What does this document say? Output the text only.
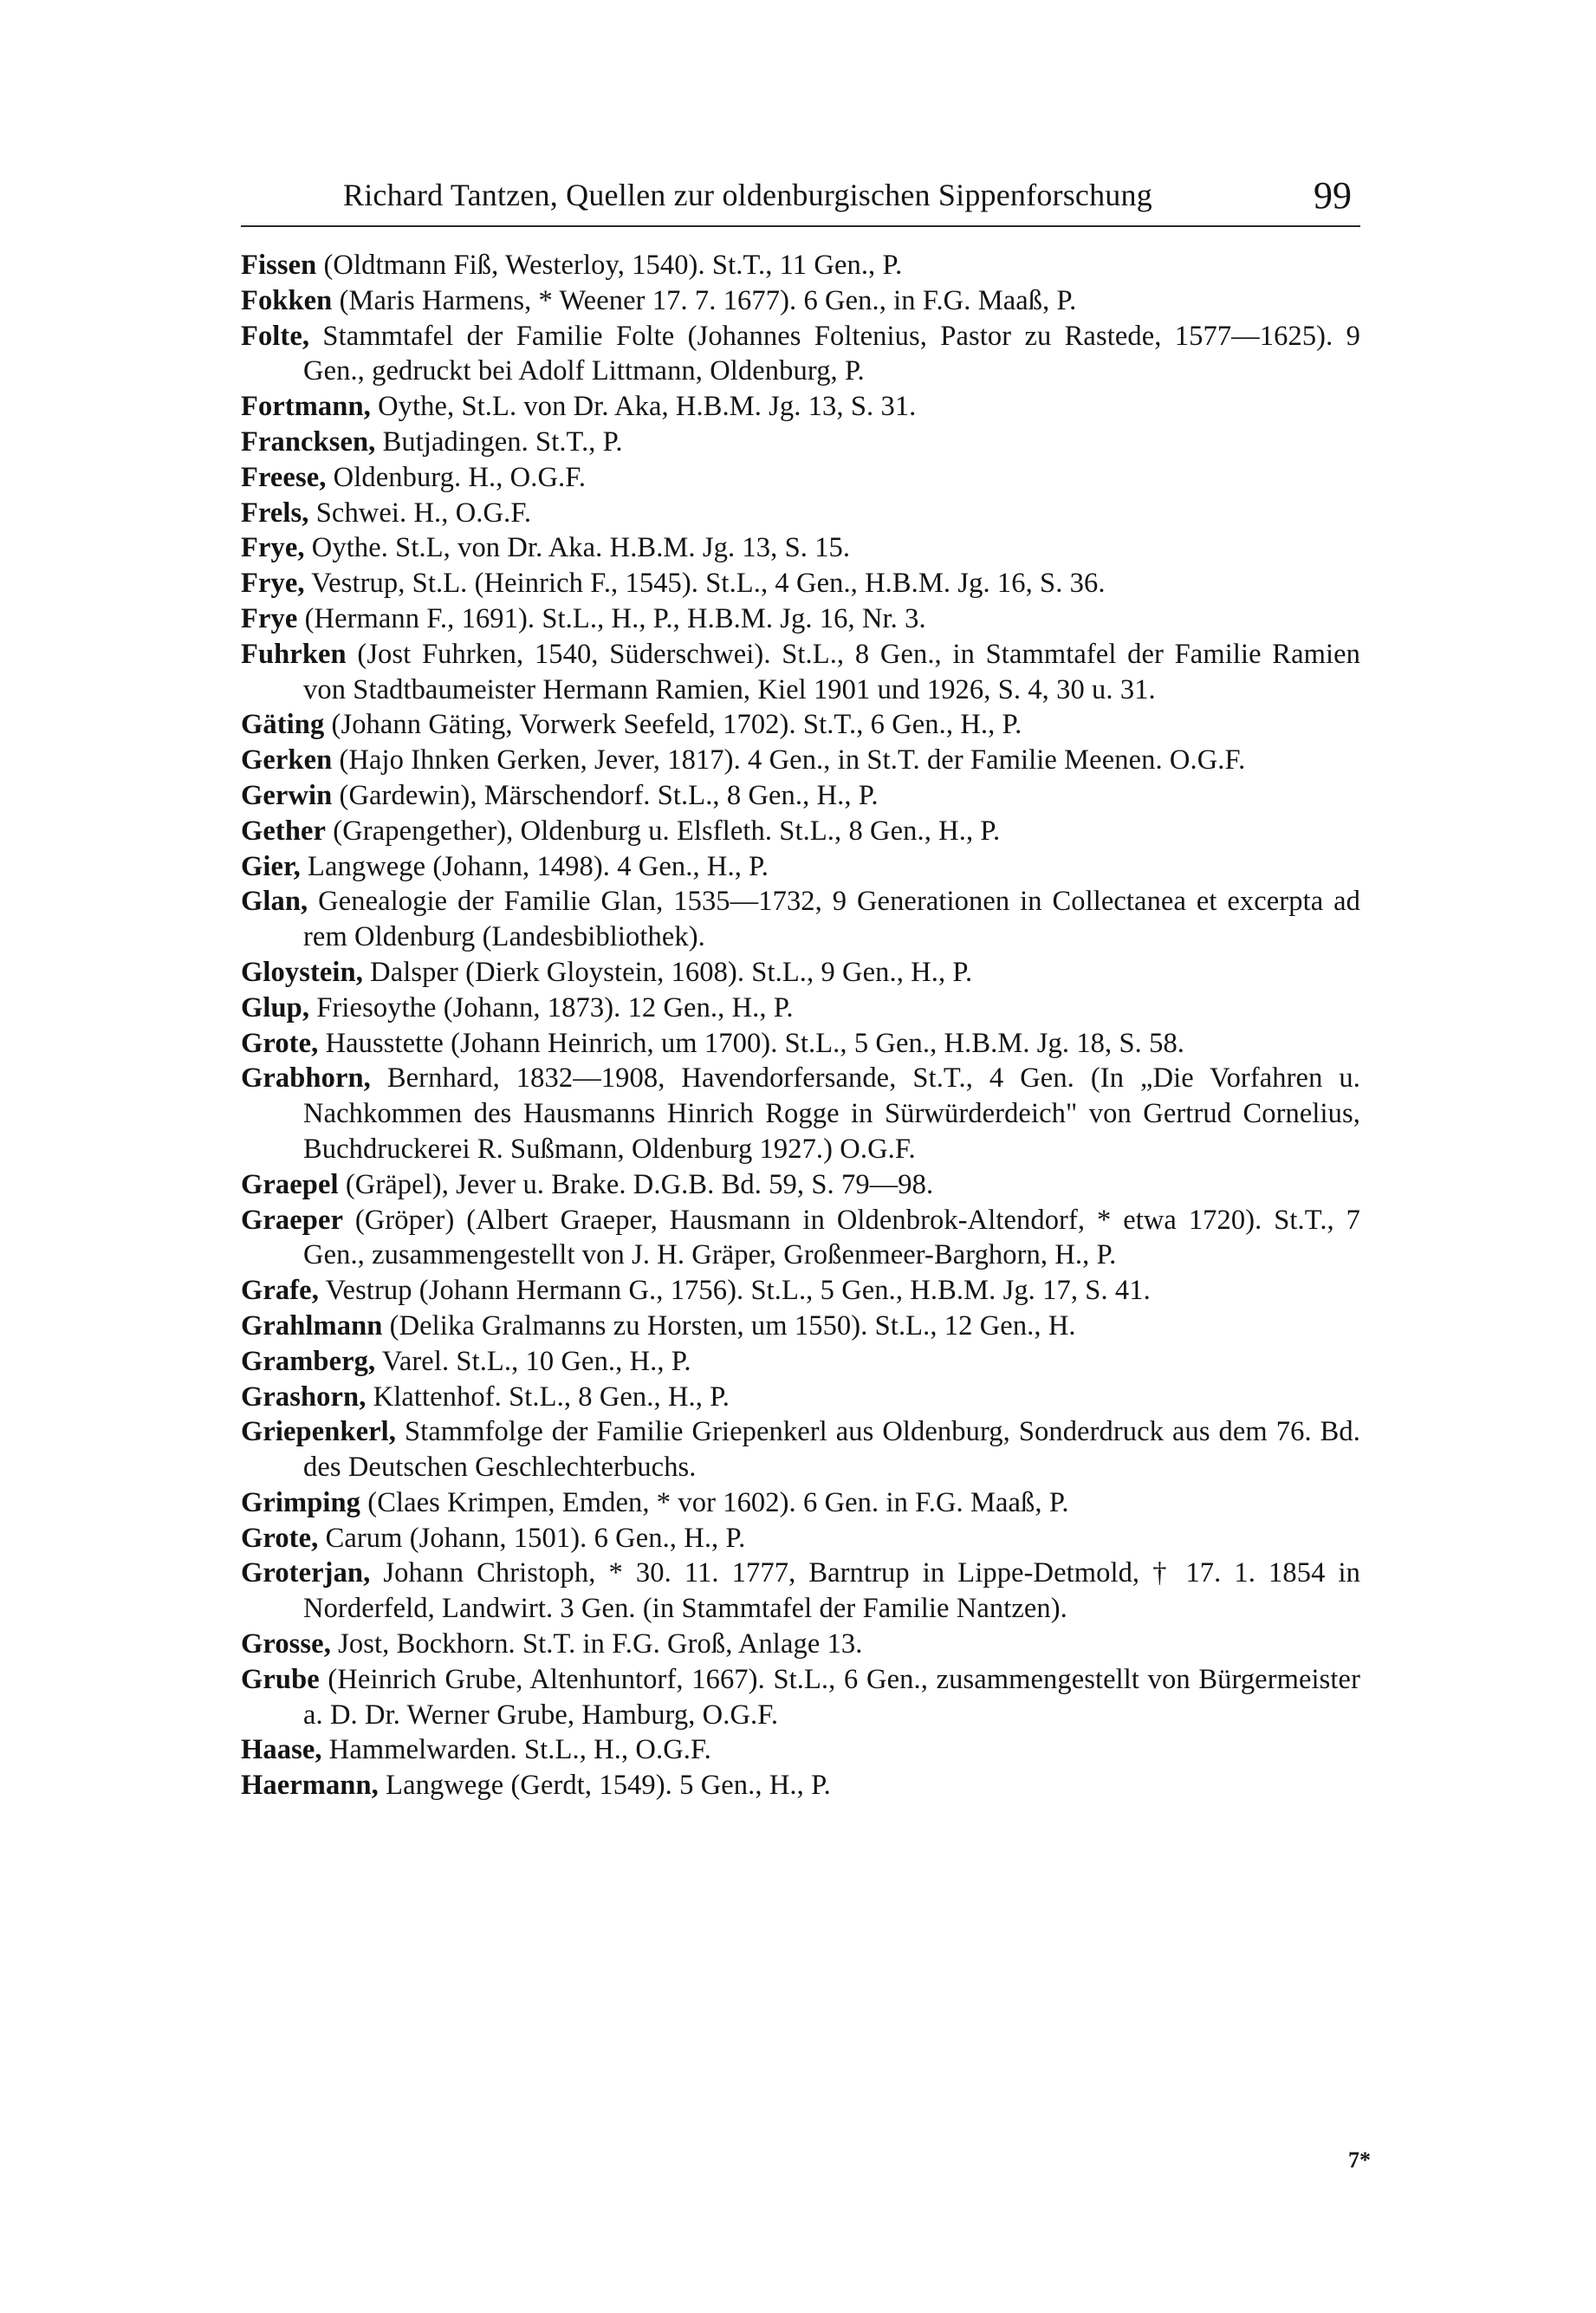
Richard Tantzen, Quellen zur oldenburgischen Sippenforschung	99
Fissen (Oldtmann Fiß, Westerloy, 1540). St.T., 11 Gen., P.
Fokken (Maris Harmens, * Weener 17. 7. 1677). 6 Gen., in F.G. Maaß, P.
Folte, Stammtafel der Familie Folte (Johannes Foltenius, Pastor zu Rastede, 1577—1625). 9 Gen., gedruckt bei Adolf Littmann, Oldenburg, P.
Fortmann, Oythe, St.L. von Dr. Aka, H.B.M. Jg. 13, S. 31.
Francksen, Butjadingen. St.T., P.
Freese, Oldenburg. H., O.G.F.
Frels, Schwei. H., O.G.F.
Frye, Oythe. St.L, von Dr. Aka. H.B.M. Jg. 13, S. 15.
Frye, Vestrup, St.L. (Heinrich F., 1545). St.L., 4 Gen., H.B.M. Jg. 16, S. 36.
Frye (Hermann F., 1691). St.L., H., P., H.B.M. Jg. 16, Nr. 3.
Fuhrken (Jost Fuhrken, 1540, Süderschwei). St.L., 8 Gen., in Stammtafel der Familie Ramien von Stadtbaumeister Hermann Ramien, Kiel 1901 und 1926, S. 4, 30 u. 31.
Gäting (Johann Gäting, Vorwerk Seefeld, 1702). St.T., 6 Gen., H., P.
Gerken (Hajo Ihnken Gerken, Jever, 1817). 4 Gen., in St.T. der Familie Meenen. O.G.F.
Gerwin (Gardewin), Märschendorf. St.L., 8 Gen., H., P.
Gether (Grapengether), Oldenburg u. Elsfleth. St.L., 8 Gen., H., P.
Gier, Langwege (Johann, 1498). 4 Gen., H., P.
Glan, Genealogie der Familie Glan, 1535—1732, 9 Generationen in Collectanea et excerpta ad rem Oldenburg (Landesbibliothek).
Gloystein, Dalsper (Dierk Gloystein, 1608). St.L., 9 Gen., H., P.
Glup, Friesoythe (Johann, 1873). 12 Gen., H., P.
Grote, Hausstette (Johann Heinrich, um 1700). St.L., 5 Gen., H.B.M. Jg. 18, S. 58.
Grabhorn, Bernhard, 1832—1908, Havendorfersande, St.T., 4 Gen. (In „Die Vorfahren u. Nachkommen des Hausmanns Hinrich Rogge in Sürwürderdeich" von Gertrud Cornelius, Buchdruckerei R. Sußmann, Oldenburg 1927.) O.G.F.
Graepel (Gräpel), Jever u. Brake. D.G.B. Bd. 59, S. 79—98.
Graeper (Gröper) (Albert Graeper, Hausmann in Oldenbrok-Altendorf, * etwa 1720). St.T., 7 Gen., zusammengestellt von J. H. Gräper, Großenmeer-Barghorn, H., P.
Grafe, Vestrup (Johann Hermann G., 1756). St.L., 5 Gen., H.B.M. Jg. 17, S. 41.
Grahlmann (Delika Gralmanns zu Horsten, um 1550). St.L., 12 Gen., H.
Gramberg, Varel. St.L., 10 Gen., H., P.
Grashorn, Klattenhof. St.L., 8 Gen., H., P.
Griepenkerl, Stammfolge der Familie Griepenkerl aus Oldenburg, Sonderdruck aus dem 76. Bd. des Deutschen Geschlechterbuchs.
Grimping (Claes Krimpen, Emden, * vor 1602). 6 Gen. in F.G. Maaß, P.
Grote, Carum (Johann, 1501). 6 Gen., H., P.
Groterjan, Johann Christoph, * 30. 11. 1777, Barntrup in Lippe-Detmold, † 17. 1. 1854 in Norderfeld, Landwirt. 3 Gen. (in Stammtafel der Familie Nantzen).
Grosse, Jost, Bockhorn. St.T. in F.G. Groß, Anlage 13.
Grube (Heinrich Grube, Altenhuntorf, 1667). St.L., 6 Gen., zusammengestellt von Bürgermeister a. D. Dr. Werner Grube, Hamburg, O.G.F.
Haase, Hammelwarden. St.L., H., O.G.F.
Haermann, Langwege (Gerdt, 1549). 5 Gen., H., P.
7*
